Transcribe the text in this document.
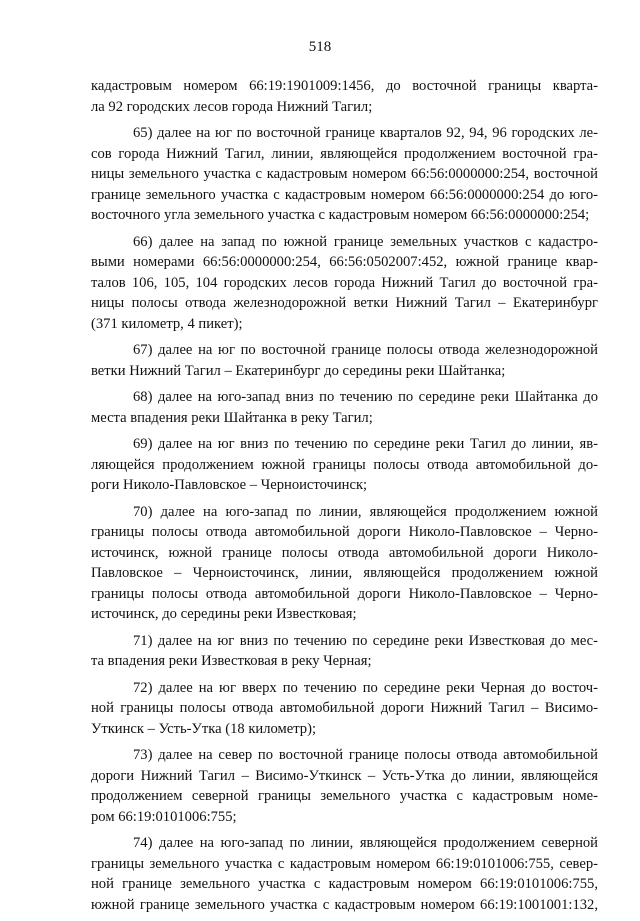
518
кадастровым номером 66:19:1901009:1456, до восточной границы кварта-
ла 92 городских лесов города Нижний Тагил;
65) далее на юг по восточной границе кварталов 92, 94, 96 городских ле-
сов города Нижний Тагил, линии, являющейся продолжением восточной гра-
ницы земельного участка с кадастровым номером 66:56:0000000:254, восточной
границе земельного участка с кадастровым номером 66:56:0000000:254 до юго-
восточного угла земельного участка с кадастровым номером 66:56:0000000:254;
66) далее на запад по южной границе земельных участков с кадастро-
выми номерами 66:56:0000000:254, 66:56:0502007:452, южной границе квар-
талов 106, 105, 104 городских лесов города Нижний Тагил до восточной гра-
ницы полосы отвода железнодорожной ветки Нижний Тагил – Екатеринбург
(371 километр, 4 пикет);
67) далее на юг по восточной границе полосы отвода железнодорожной
ветки Нижний Тагил – Екатеринбург до середины реки Шайтанка;
68) далее на юго-запад вниз по течению по середине реки Шайтанка до
места впадения реки Шайтанка в реку Тагил;
69) далее на юг вниз по течению по середине реки Тагил до линии, яв-
ляющейся продолжением южной границы полосы отвода автомобильной до-
роги Николо-Павловское – Черноисточинск;
70) далее на юго-запад по линии, являющейся продолжением южной
границы полосы отвода автомобильной дороги Николо-Павловское – Черно-
источинск, южной границе полосы отвода автомобильной дороги Николо-
Павловское – Черноисточинск, линии, являющейся продолжением южной
границы полосы отвода автомобильной дороги Николо-Павловское – Черно-
источинск, до середины реки Известковая;
71) далее на юг вниз по течению по середине реки Известковая до мес-
та впадения реки Известковая в реку Черная;
72) далее на юг вверх по течению по середине реки Черная до восточ-
ной границы полосы отвода автомобильной дороги Нижний Тагил – Висимо-
Уткинск – Усть-Утка (18 километр);
73) далее на север по восточной границе полосы отвода автомобильной
дороги Нижний Тагил – Висимо-Уткинск – Усть-Утка до линии, являющейся
продолжением северной границы земельного участка с кадастровым номе-
ром 66:19:0101006:755;
74) далее на юго-запад по линии, являющейся продолжением северной
границы земельного участка с кадастровым номером 66:19:0101006:755, север-
ной границе земельного участка с кадастровым номером 66:19:0101006:755,
южной границе земельного участка с кадастровым номером 66:19:1001001:132,
